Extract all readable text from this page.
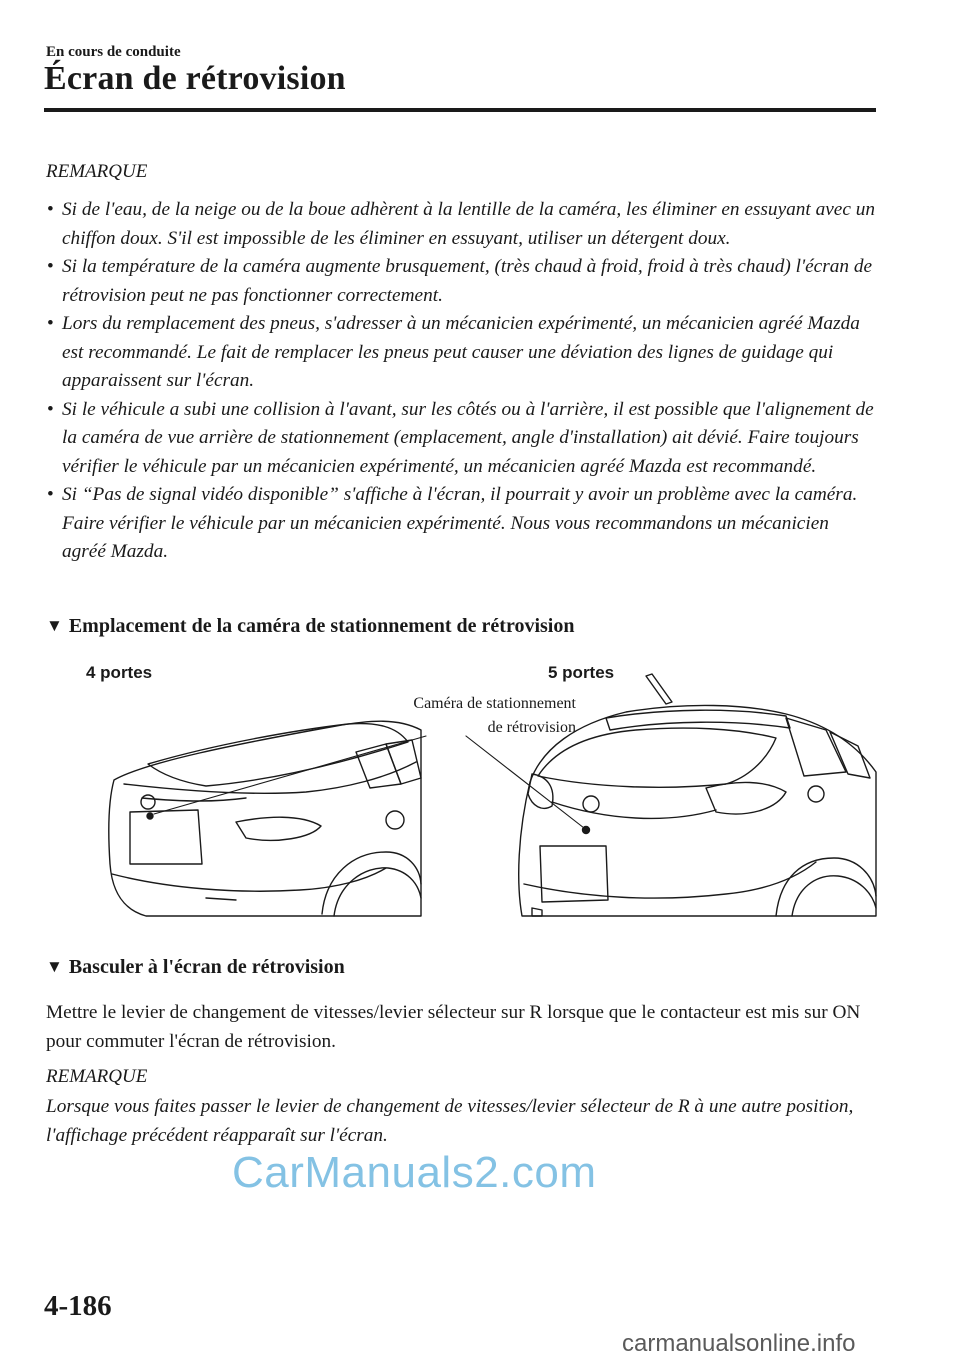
En cours de conduite
Écran de rétrovision
REMARQUE
• Si de l'eau, de la neige ou de la boue adhèrent à la lentille de la caméra, les éliminer en essuyant avec un chiffon doux. S'il est impossible de les éliminer en essuyant, utiliser un détergent doux.
• Si la température de la caméra augmente brusquement, (très chaud à froid, froid à très chaud) l'écran de rétrovision peut ne pas fonctionner correctement.
• Lors du remplacement des pneus, s'adresser à un mécanicien expérimenté, un mécanicien agréé Mazda est recommandé. Le fait de remplacer les pneus peut causer une déviation des lignes de guidage qui apparaissent sur l'écran.
• Si le véhicule a subi une collision à l'avant, sur les côtés ou à l'arrière, il est possible que l'alignement de la caméra de vue arrière de stationnement (emplacement, angle d'installation) ait dévié. Faire toujours vérifier le véhicule par un mécanicien expérimenté, un mécanicien agréé Mazda est recommandé.
• Si “Pas de signal vidéo disponible” s'affiche à l'écran, il pourrait y avoir un problème avec la caméra. Faire vérifier le véhicule par un mécanicien expérimenté. Nous vous recommandons un mécanicien agréé Mazda.
▼ Emplacement de la caméra de stationnement de rétrovision
4 portes	5 portes
Caméra de stationnement
de rétrovision
▼ Basculer à l'écran de rétrovision
Mettre le levier de changement de vitesses/levier sélecteur sur R lorsque que le contacteur est mis sur ON pour commuter l'écran de rétrovision.
REMARQUE
Lorsque vous faites passer le levier de changement de vitesses/levier sélecteur de R à une autre position, l'affichage précédent réapparaît sur l'écran.
CarManuals2.com
4-186
carmanualsonline.info
